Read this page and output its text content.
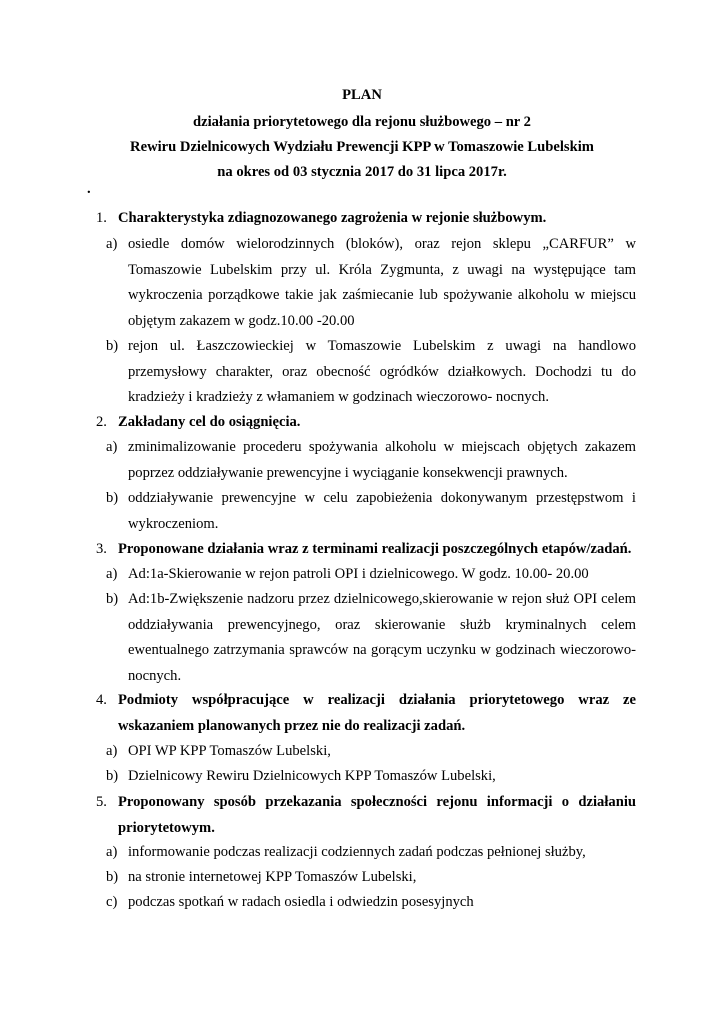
PLAN

działania priorytetowego dla rejonu służbowego – nr 2

Rewiru Dzielnicowych Wydziału Prewencji KPP w Tomaszowie Lubelskim

na okres od 03 stycznia 2017 do 31 lipca 2017r.

.
1. Charakterystyka zdiagnozowanego zagrożenia w rejonie służbowym.
a) osiedle domów wielorodzinnych (bloków), oraz rejon sklepu „CARFUR” w Tomaszowie Lubelskim przy ul. Króla Zygmunta, z uwagi na występujące tam wykroczenia porządkowe takie jak zaśmiecanie lub spożywanie alkoholu w miejscu objętym zakazem w godz.10.00 -20.00
b) rejon ul. Łaszczowieckiej w Tomaszowie Lubelskim z uwagi na handlowo przemysłowy charakter, oraz obecność ogródków działkowych. Dochodzi tu do kradzieży i kradzieży z włamaniem w godzinach wieczorowo- nocnych.
2. Zakładany cel do osiągnięcia.
a) zminimalizowanie procederu spożywania alkoholu w miejscach objętych zakazem poprzez oddziaływanie prewencyjne i wyciąganie konsekwencji prawnych.
b) oddziaływanie prewencyjne w celu zapobieżenia dokonywanym przestępstwom i wykroczeniom.
3. Proponowane działania wraz z terminami realizacji poszczególnych etapów/zadań.
a) Ad:1a-Skierowanie w rejon patroli OPI i dzielnicowego. W godz. 10.00- 20.00
b) Ad:1b-Zwiększenie nadzoru przez dzielnicowego,skierowanie w rejon służ OPI celem oddziaływania prewencyjnego, oraz skierowanie służb kryminalnych celem ewentualnego zatrzymania sprawców na gorącym uczynku w godzinach wieczorowo-nocnych.
4. Podmioty współpracujące w realizacji działania priorytetowego wraz ze wskazaniem planowanych przez nie do realizacji zadań.
a) OPI WP KPP Tomaszów Lubelski,
b) Dzielnicowy Rewiru Dzielnicowych KPP Tomaszów Lubelski,
5. Proponowany sposób przekazania społeczności rejonu informacji o działaniu priorytetowym.
a) informowanie podczas realizacji codziennych zadań podczas pełnionej służby,
b) na stronie internetowej KPP Tomaszów Lubelski,
c) podczas spotkań w radach osiedla i odwiedzin posesyjnych
